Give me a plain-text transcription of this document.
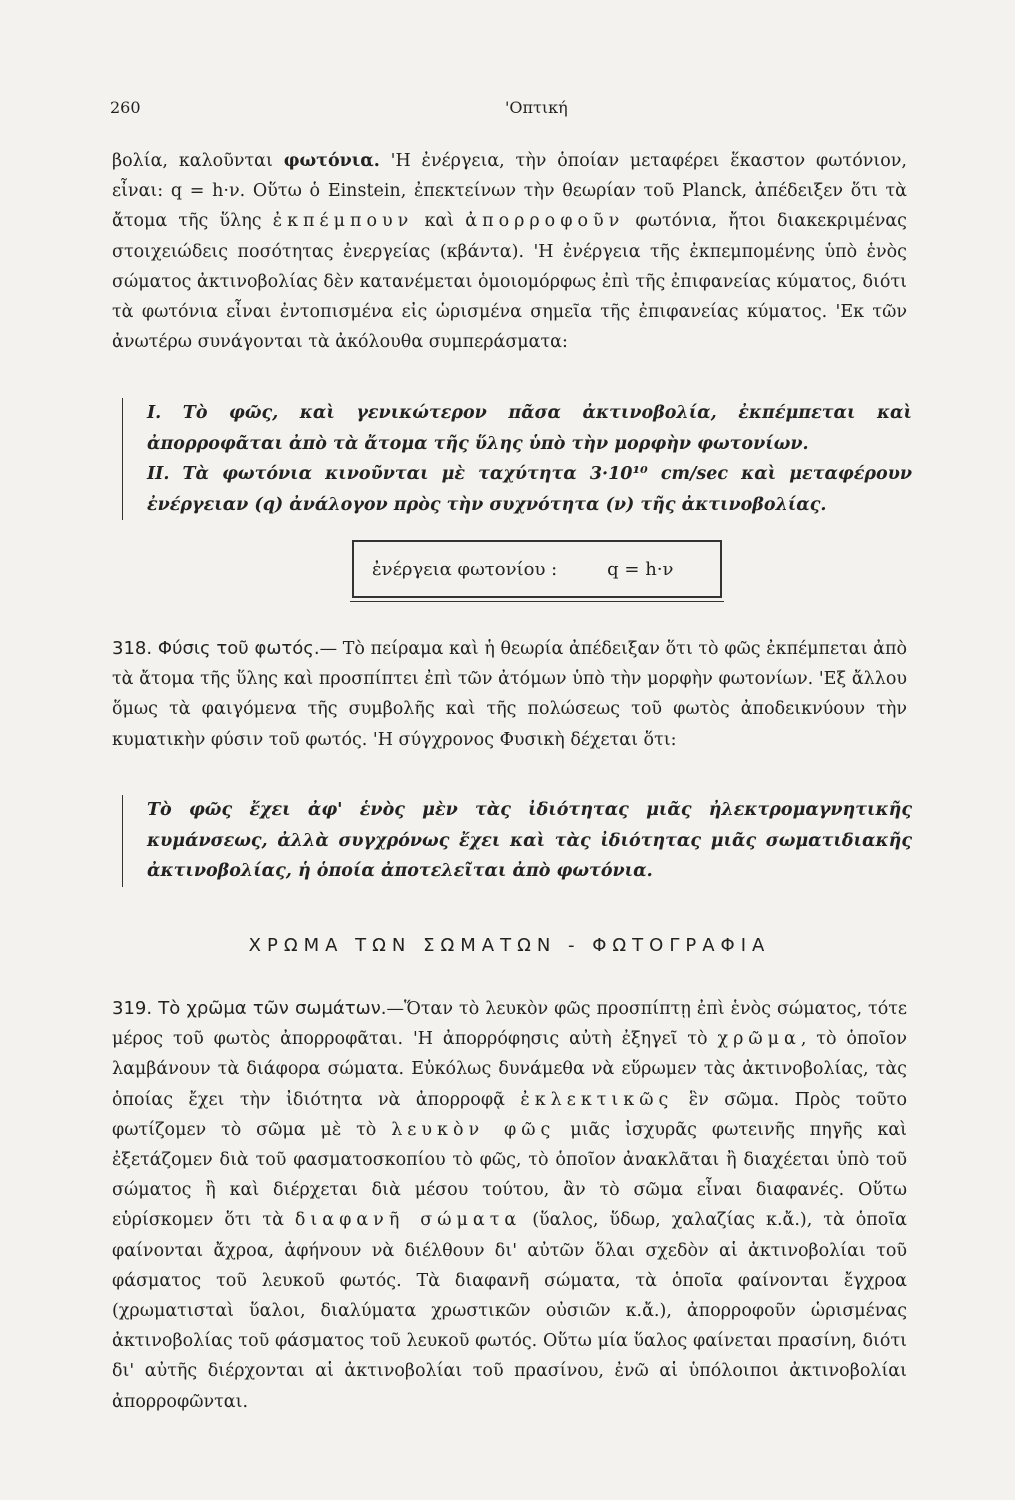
260	'Οπτική

βολία, καλοῦνται φωτόνια. 'Η ἐνέργεια, τὴν ὁποίαν μεταφέρει ἕκαστον φωτόνιον, εἶναι: q = h·ν. Οὕτω ὁ Einstein, ἐπεκτείνων τὴν θεωρίαν τοῦ Planck, ἀπέδειξεν ὅτι τὰ ἄτομα τῆς ὕλης ἐκπέμπουν καὶ ἀπορροφοῦν φωτόνια, ἤτοι διακεκριμένας στοιχειώδεις ποσότητας ἐνεργείας (κβάντα). 'Η ἐνέργεια τῆς ἐκπεμπομένης ὑπὸ ἑνὸς σώματος ἀκτινοβολίας δὲν κατανέμεται ὁμοιομόρφως ἐπὶ τῆς ἐπιφανείας κύματος, διότι τὰ φωτόνια εἶναι ἐντοπισμένα εἰς ὡρισμένα σημεῖα τῆς ἐπιφανείας κύματος. 'Εκ τῶν ἀνωτέρω συνάγονται τὰ ἀκόλουθα συμπεράσματα:

I. Τὸ φῶς, καὶ γενικώτερον πᾶσα ἀκτινοβολία, ἐκπέμπεται καὶ ἀπορροφᾶται ἀπὸ τὰ ἄτομα τῆς ὕλης ὑπὸ τὴν μορφὴν φωτονίων.

II. Τὰ φωτόνια κινοῦνται μὲ ταχύτητα 3·10¹⁰ cm/sec καὶ μεταφέρουν ἐνέργειαν (q) ἀνάλογον πρὸς τὴν συχνότητα (ν) τῆς ἀκτινοβολίας.

ἐνέργεια φωτονίου :	q = h·ν

318. Φύσις τοῦ φωτός.— Τὸ πείραμα καὶ ἡ θεωρία ἀπέδειξαν ὅτι τὸ φῶς ἐκπέμπεται ἀπὸ τὰ ἄτομα τῆς ὕλης καὶ προσπίπτει ἐπὶ τῶν ἀτόμων ὑπὸ τὴν μορφὴν φωτονίων. 'Εξ ἄλλου ὅμως τὰ φαιγόμενα τῆς συμβολῆς καὶ τῆς πολώσεως τοῦ φωτὸς ἀποδεικνύουν τὴν κυματικὴν φύσιν τοῦ φωτός. 'Η σύγχρονος Φυσικὴ δέχεται ὅτι:

Τὸ φῶς ἔχει ἀφ' ἑνὸς μὲν τὰς ἰδιότητας μιᾶς ἠλεκτρομαγνητικῆς κυμάνσεως, ἀλλὰ συγχρόνως ἔχει καὶ τὰς ἰδιότητας μιᾶς σωματιδιακῆς ἀκτινοβολίας, ἡ ὁποία ἀποτελεῖται ἀπὸ φωτόνια.
ΧΡΩΜΑ ΤΩΝ ΣΩΜΑΤΩΝ - ΦΩΤΟΓΡΑΦΙΑ

319. Τὸ χρῶμα τῶν σωμάτων.—Ὅταν τὸ λευκὸν φῶς προσπίπτῃ ἐπὶ ἑνὸς σώματος, τότε μέρος τοῦ φωτὸς ἀπορροφᾶται. 'Η ἀπορρόφησις αὐτὴ ἐξηγεῖ τὸ χρῶμα, τὸ ὁποῖον λαμβάνουν τὰ διάφορα σώματα. Εὐκόλως δυνάμεθα νὰ εὕρωμεν τὰς ἀκτινοβολίας, τὰς ὁποίας ἔχει τὴν ἰδιότητα νὰ ἀπορροφᾷ ἐκλεκτικῶς ἓν σῶμα. Πρὸς τοῦτο φωτίζομεν τὸ σῶμα μὲ τὸ λευκὸν φῶς μιᾶς ἰσχυρᾶς φωτεινῆς πηγῆς καὶ ἐξετάζομεν διὰ τοῦ φασματοσκοπίου τὸ φῶς, τὸ ὁποῖον ἀνακλᾶται ἢ διαχέεται ὑπὸ τοῦ σώματος ἢ καὶ διέρχεται διὰ μέσου τούτου, ἂν τὸ σῶμα εἶναι διαφανές. Οὕτω εὑρίσκομεν ὅτι τὰ διαφανῆ σώματα (ὕαλος, ὕδωρ, χαλαζίας κ.ἄ.), τὰ ὁποῖα φαίνονται ἄχροα, ἀφήνουν νὰ διέλθουν δι' αὐτῶν ὅλαι σχεδὸν αἱ ἀκτινοβολίαι τοῦ φάσματος τοῦ λευκοῦ φωτός. Τὰ διαφανῆ σώματα, τὰ ὁποῖα φαίνονται ἔγχροα (χρωματισταὶ ὕαλοι, διαλύματα χρωστικῶν οὐσιῶν κ.ἄ.), ἀπορροφοῦν ὡρισμένας ἀκτινοβολίας τοῦ φάσματος τοῦ λευκοῦ φωτός. Οὕτω μία ὕαλος φαίνεται πρασίνη, διότι δι' αὐτῆς διέρχονται αἱ ἀκτινοβολίαι τοῦ πρασίνου, ἐνῶ αἱ ὑπόλοιποι ἀκτινοβολίαι ἀπορροφῶνται.
